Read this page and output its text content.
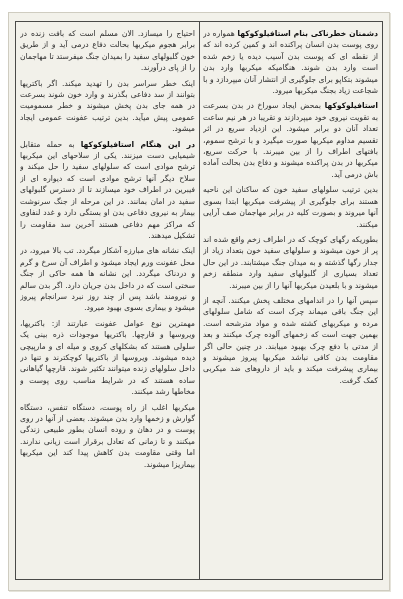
دشمنان خطرناکی بنام استافیلوکوکها همواره در روی پوست بدن انسان پراکنده اند و کمین کرده اند که از نقطه ای که پوست بدن آسیب دیده یا زخم شده است وارد بدن شوند. هنگامیکه میکربها وارد بدن میشوند بتکاپو برای جلوگیری از انتشار آنان میپردازد و با شجاعت زیاد بجنگ میکربها میرود.

استافیلوکوکها بمحض ایجاد سوراخ در بدن بسرعت به تقویت نیروی خود میپردازند و تقریبا در هر نیم ساعت تعداد آنان دو برابر میشود. این ازدیاد سریع در اثر تقسیم مداوم میکربها صورت میگیرد و با ترشح سموم، بافتهای اطراف را از بین میبرند. با حرکت سریع، میکربها در بدن پراکنده میشوند و دفاع بدن بحالت آماده باش درمی آید.

بدین ترتیب سلولهای سفید خون که ساکنان این ناحیه هستند برای جلوگیری از پیشرفت میکربها ابتدا بسوی آنها میروند و بصورت کلیه در برابر مهاجمان صف آرایی میکنند.

بطوریکه رگهای کوچک که در اطراف زخم واقع شده اند پر از خون میشوند و سلولهای سفید خون بتعداد زیاد از جدار رگها گذشته و به میدان جنگ میشتابند. در این حال تعداد بسیاری از گلبولهای سفید وارد منطقه زخم میشوند و با بلعیدن میکربها آنها را از بین میبرند.

سپس آنها را در اندامهای مختلف پخش میکنند. آنچه از این جنگ باقی میماند چرک است که شامل سلولهای مرده و میکربهای کشته شده و مواد مترشحه است. بهمین جهت است که زخمهای آلوده چرک میکنند و بعد از مدتی با دفع چرک بهبود مییابند. در چنین حالی اگر مقاومت بدن کافی نباشد میکربها پیروز میشوند و بیماری پیشرفت میکند و باید از داروهای ضد میکربی کمک گرفت.

احتیاج را میسازد. الان مسلم است که بافت زنده در برابر هجوم میکربها بحالت دفاع درمی آید و از طریق خون گلبولهای سفید را بمیدان جنگ میفرستد تا مهاجمان را از پای درآورند.

اینک خطر سراسر بدن را تهدید میکند. اگر باکتریها بتوانند از سد دفاعی بگذرند و وارد خون شوند بسرعت در همه جای بدن پخش میشوند و خطر مسمومیت عمومی پیش میآید. بدین ترتیب عفونت عمومی ایجاد میشود.

در این هنگام استافیلوکوکها به حمله متقابل شیمیایی دست میزنند. یکی از سلاحهای این میکربها ترشح موادی است که سلولهای سفید را حل میکند و سلاح دیگر آنها ترشح موادی است که دیواره ای از فیبرین در اطراف خود میسازند تا از دسترس گلبولهای سفید در امان بمانند. در این مرحله از جنگ سرنوشت بیمار به نیروی دفاعی بدن او بستگی دارد و غدد لنفاوی که مراکز مهم دفاعی هستند آخرین سد مقاومت را تشکیل میدهند.

اینک نشانه های مبارزه آشکار میگردد. تب بالا میرود، در محل عفونت ورم ایجاد میشود و اطراف آن سرخ و گرم و دردناک میگردد. این نشانه ها همه حاکی از جنگ سختی است که در داخل بدن جریان دارد. اگر بدن سالم و نیرومند باشد پس از چند روز نبرد سرانجام پیروز میشود و بیماری بسوی بهبود میرود.

مهمترین نوع عوامل عفونت عبارتند از: باکتریها، ویروسها و قارچها. باکتریها موجودات ذره بینی یک سلولی هستند که بشکلهای کروی و میله ای و مارپیچی دیده میشوند. ویروسها از باکتریها کوچکترند و تنها در داخل سلولهای زنده میتوانند تکثیر شوند. قارچها گیاهانی ساده هستند که در شرایط مناسب روی پوست و مخاطها رشد میکنند.

میکربها اغلب از راه پوست، دستگاه تنفس، دستگاه گوارش و زخمها وارد بدن میشوند. بعضی از آنها در روی پوست و در دهان و روده انسان بطور طبیعی زندگی میکنند و تا زمانی که تعادل برقرار است زیانی ندارند. اما وقتی مقاومت بدن کاهش پیدا کند این میکربها بیماریزا میشوند.
